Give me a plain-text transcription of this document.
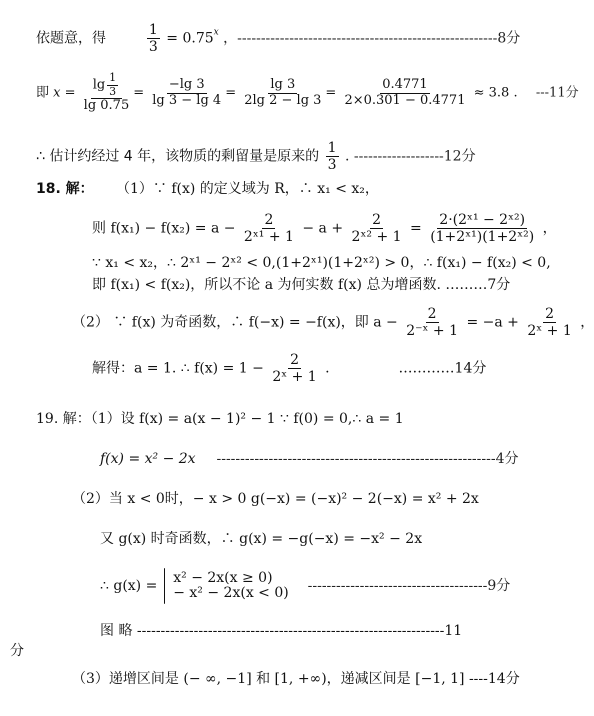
依题意，得	$\frac{1}{3} = 0.75^x$ ，-------------------------------------------------------8分
即 $x = \frac{\lg \frac{1}{3}}{\lg 0.75} = \frac{-\lg 3}{\lg 3 - \lg 4} = \frac{\lg 3}{2\lg 2 - \lg 3} = \frac{0.4771}{2\times 0.301 - 0.4771} \approx 3.8$ . ---11分
∴ 估计约经过 4 年，该物质的剩留量是原来的 $\frac{1}{3}$ . -------------------12分
18. 解： （1）∵ f(x) 的定义域为 R，∴ x₁ < x₂，
则 $f(x_1) - f(x_2) = a - \frac{2}{\text{2ˣ¹ + 1}} - a + \frac{2}{\text{2ˣ² + 1}} = \frac{\text{2·(2ˣ¹ − 2ˣ²)}}{\text{(1+2ˣ¹)(1+2ˣ²)}}$ ，
∵ x₁ < x₂，∴ 2ˣ¹ − 2ˣ² < 0,(1+2ˣ¹)(1+2ˣ²) > 0，∴ f(x₁) − f(x₂) < 0,
即 f(x₁) < f(x₂)，所以不论 a 为何实数 f(x) 总为增函数. ………7分
（2） ∵ f(x) 为奇函数，∴ f(−x) = −f(x)，即 $a - \frac{2}{\text{2⁻ˣ + 1}} = -a + \frac{2}{\text{2ˣ + 1}}$ ，
解得：a = 1. ∴ $f(x) = 1 - \frac{2}{\text{2ˣ + 1}}$ .	…………14分
19. 解：（1）设 f(x) = a(x − 1)² − 1 ∵ f(0) = 0,∴ a = 1
f(x) = x² − 2x -----------------------------------------------------------4分
（2）当 x < 0时，− x > 0 g(−x) = (−x)² − 2(−x) = x² + 2x
又 g(x) 时奇函数，∴ g(x) = −g(−x) = −x² − 2x
∴ g(x) =
x² − 2x(x ≥ 0)
− x² − 2x(x < 0) --------------------------------------9分
图 略 -----------------------------------------------------------------11
分
（3）递增区间是 (− ∞, −1] 和 [1, +∞)，递减区间是 [−1, 1] ----14分
